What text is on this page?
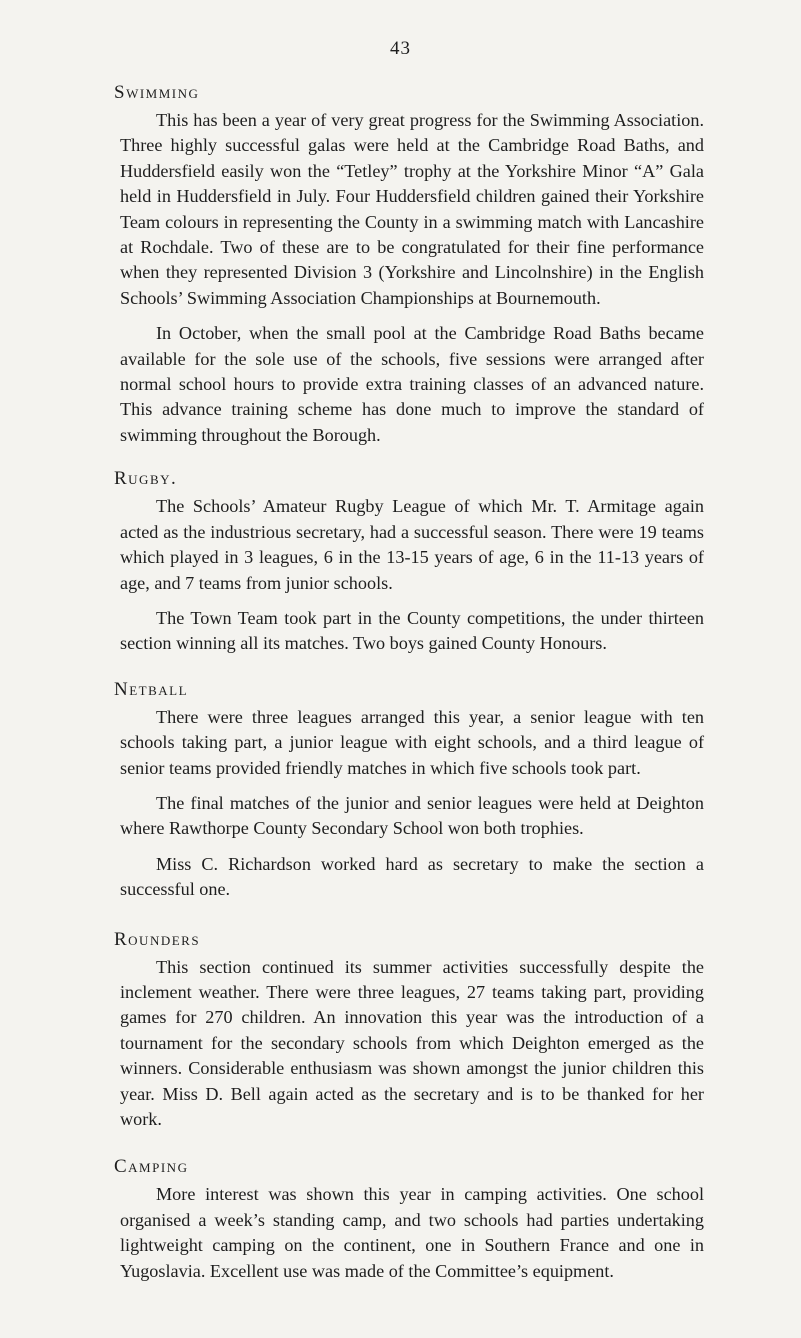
43
Swimming

This has been a year of very great progress for the Swimming Association. Three highly successful galas were held at the Cambridge Road Baths, and Huddersfield easily won the “Tetley” trophy at the Yorkshire Minor “A” Gala held in Huddersfield in July. Four Huddersfield children gained their Yorkshire Team colours in representing the County in a swimming match with Lancashire at Rochdale. Two of these are to be congratulated for their fine performance when they represented Division 3 (Yorkshire and Lincolnshire) in the English Schools’ Swimming Association Championships at Bournemouth.

In October, when the small pool at the Cambridge Road Baths became available for the sole use of the schools, five sessions were arranged after normal school hours to provide extra training classes of an advanced nature. This advance training scheme has done much to improve the standard of swimming throughout the Borough.

Rugby.

The Schools’ Amateur Rugby League of which Mr. T. Armitage again acted as the industrious secretary, had a successful season. There were 19 teams which played in 3 leagues, 6 in the 13-15 years of age, 6 in the 11-13 years of age, and 7 teams from junior schools.

The Town Team took part in the County competitions, the under thirteen section winning all its matches. Two boys gained County Honours.

Netball

There were three leagues arranged this year, a senior league with ten schools taking part, a junior league with eight schools, and a third league of senior teams provided friendly matches in which five schools took part.

The final matches of the junior and senior leagues were held at Deighton where Rawthorpe County Secondary School won both trophies.

Miss C. Richardson worked hard as secretary to make the section a successful one.

Rounders

This section continued its summer activities successfully despite the inclement weather. There were three leagues, 27 teams taking part, providing games for 270 children. An innovation this year was the introduction of a tournament for the secondary schools from which Deighton emerged as the winners. Considerable enthusiasm was shown amongst the junior children this year. Miss D. Bell again acted as the secretary and is to be thanked for her work.

Camping

More interest was shown this year in camping activities. One school organised a week’s standing camp, and two schools had parties undertaking lightweight camping on the continent, one in Southern France and one in Yugoslavia. Excellent use was made of the Committee’s equipment.
